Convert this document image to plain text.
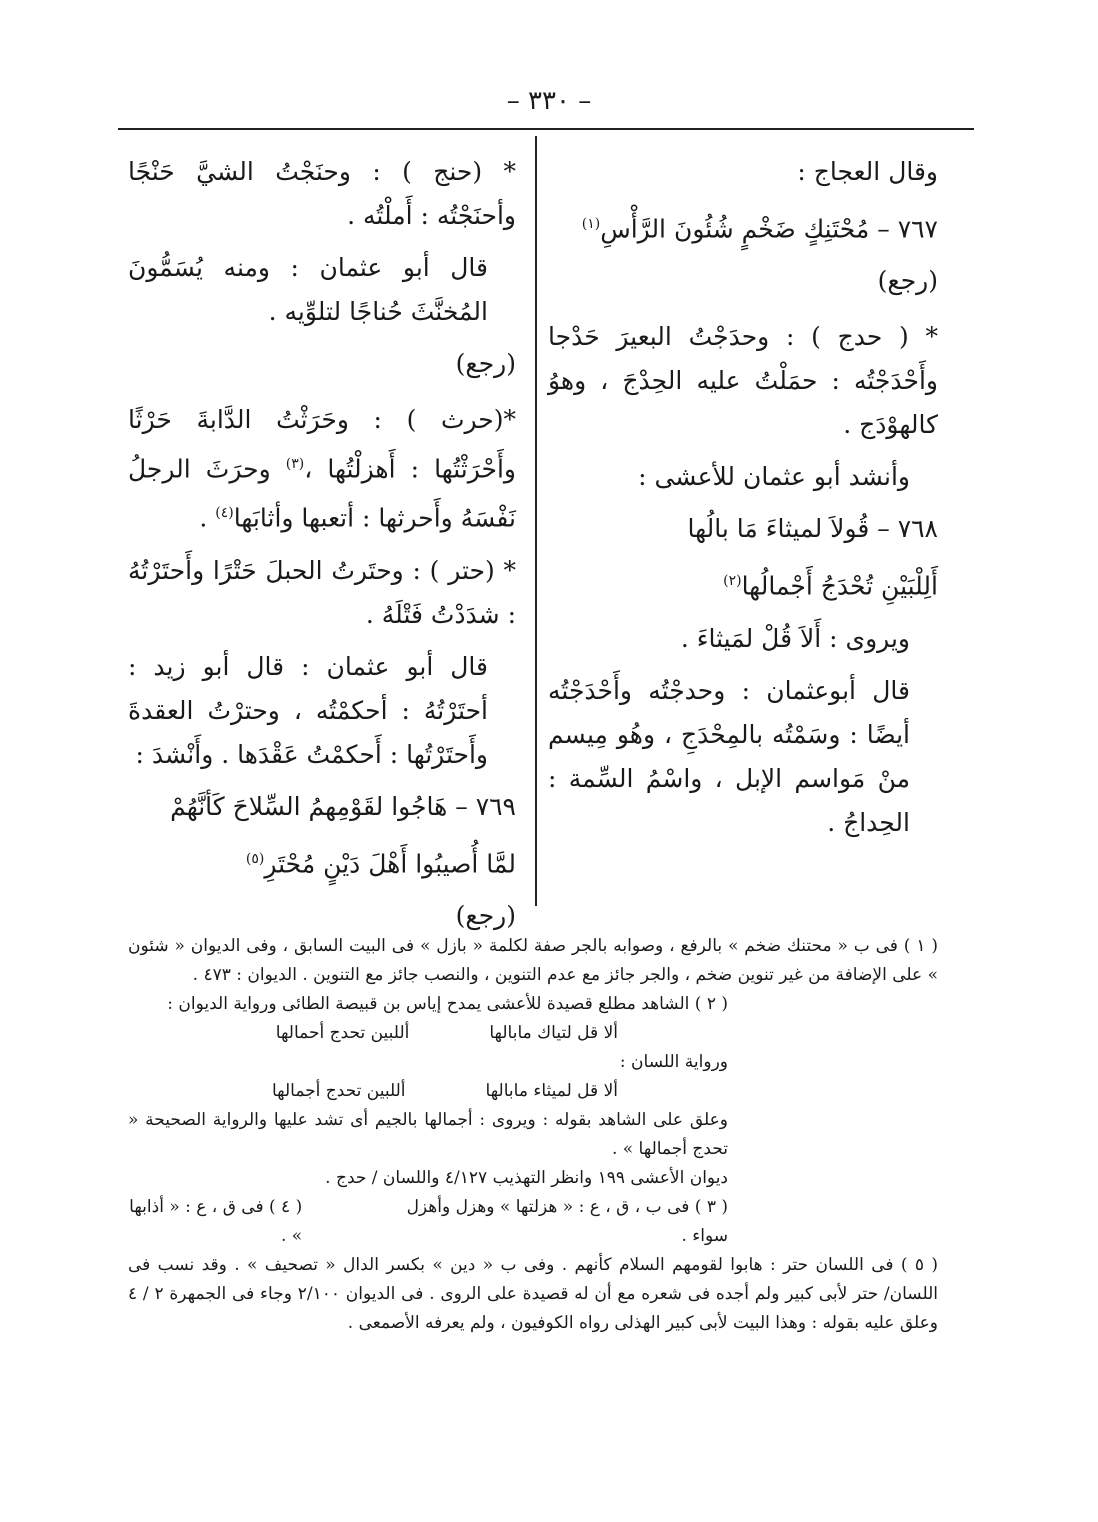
– ٣٣٠ –

وقال العجاج :

٧٦٧ – مُحْتَنِكٍ ضَخْمٍ شُئُونَ الرَّأْسِ$^{(١)}$

(رجع)

* ( حدج ) : وحدَجْتُ البعيرَ حَدْجا وأَحْدَجْتُه : حمَلْتُ عليه الحِدْجَ ، وهوُ كالهوْدَج .

وأنشد أبو عثمان للأعشى :

٧٦٨ – قُولاَ لميثاءَ مَا بالُها

أَلِلْبَيْنِ تُحْدَجُ أَجْمالُها$^{(٢)}$

ويروى : أَلاَ قُلْ لمَيثاءَ .

قال أبوعثمان : وحدجْتُه وأَحْدَجْتُه أيضًا : وسَمْتُه بالمِحْدَجِ ، وهُو مِيسم منْ مَواسم الإبل ، واسْمُ السِّمة : الحِداجُ .

* (حنج ) : وحنَجْتُ الشيَّ حَنْجًا وأحنَجْتُه : أَملْتُه .

قال أبو عثمان : ومنه يُسَمُّونَ المُخنَّثَ حُناجًا لتلوِّيه .

(رجع)

*(حرث ) : وحَرَثْتُ الدَّابةَ حَرْثًا وأَحْرَثْتُها : أَهزلْتُها ،$^{(٣)}$ وحرَثَ الرجلُ نَفْسَهُ وأَحرثها : أتعبها وأثابَها$^{(٤)}$ .

* (حتر ) : وحتَرتُ الحبلَ حَتْرًا وأَحتَرْتُهُ : شدَدْتُ فَتْلَهُ .

قال أبو عثمان : قال أبو زيد : أحتَرْتُهُ : أحكمْتُه ، وحترْتُ العقدةَ وأَحتَرْتُها : أَحكمْتُ عَقْدَها . وأَنْشدَ :

٧٦٩ – هَاجُوا لقَوْمِهمُ السِّلاحَ كَأنَّهُمْ

لمَّا أُصيبُوا أَهْلَ دَيْنٍ مُحْتَرِ$^{(٥)}$

(رجع)

( ١ ) فى ب « محتنك ضخم » بالرفع ، وصوابه بالجر صفة لكلمة « بازل » فى البيت السابق ، وفى الديوان « شئون » على الإضافة من غير تنوين ضخم ، والجر جائز مع عدم التنوين ، والنصب جائز مع التنوين . الديوان : ٤٧٣ .

( ٢ ) الشاهد مطلع قصيدة للأعشى يمدح إياس بن قبيصة الطائى ورواية الديوان :

ألا قل لتياك مابالها
أللبين تحدج أحمالها

ورواية اللسان :

ألا قل لميثاء مابالها
أللبين تحدج أجمالها

وعلق على الشاهد بقوله : ويروى : أجمالها بالجيم أى تشد عليها والرواية الصحيحة « تحدج أجمالها » .

ديوان الأعشى ١٩٩ وانظر التهذيب ٤/١٢٧ واللسان / حدج .

( ٣ ) فى ب ، ق ، ع : « هزلتها » وهزل وأهزل سواء .
( ٤ ) فى ق ، ع : « أذابها » .

( ٥ ) فى اللسان حتر : هابوا لقومهم السلام كأنهم . وفى ب « دين » بكسر الدال « تصحيف » . وقد نسب فى اللسان/ حتر لأبى كبير ولم أجده فى شعره مع أن له قصيدة على الروى . فى الديوان ٢/١٠٠ وجاء فى الجمهرة ٢ / ٤ وعلق عليه بقوله : وهذا البيت لأبى كبير الهذلى رواه الكوفيون ، ولم يعرفه الأصمعى .
